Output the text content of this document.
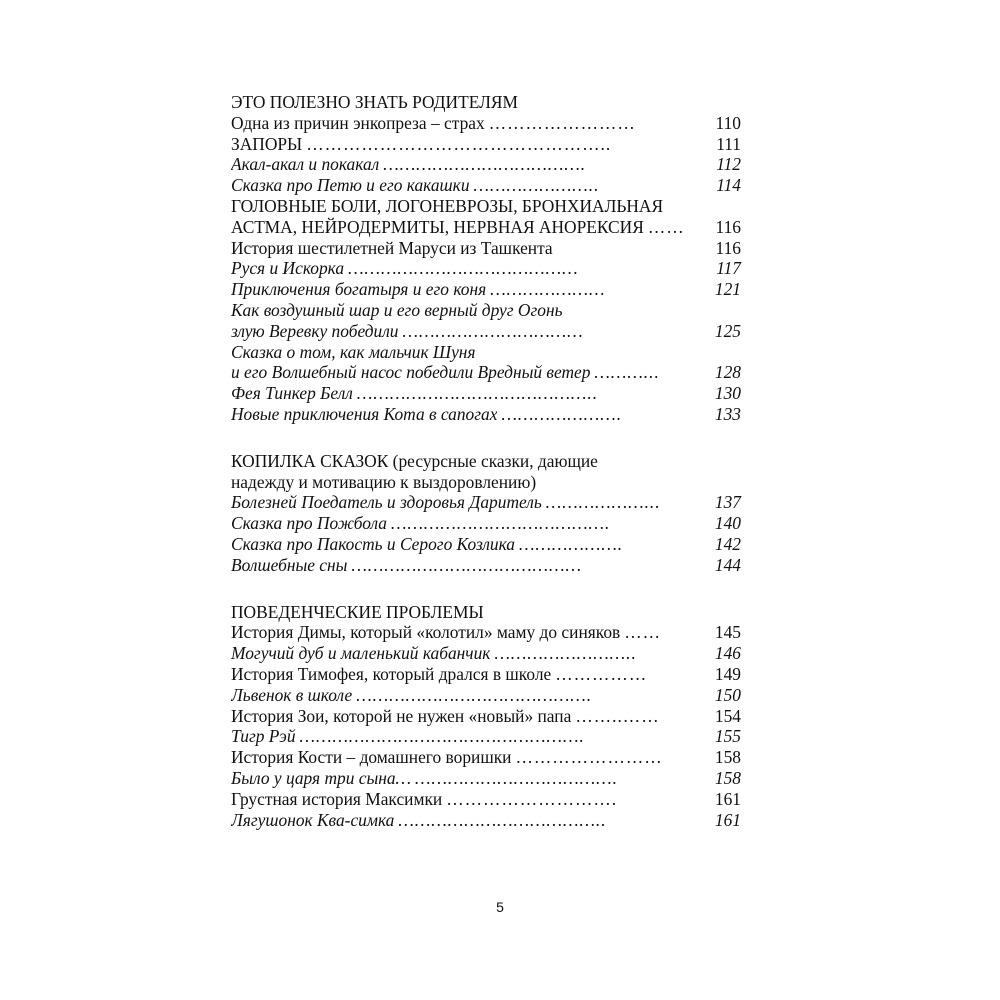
ЭТО ПОЛЕЗНО ЗНАТЬ РОДИТЕЛЯМ
Одна из причин энкопреза – страх ……………………	110
ЗАПОРЫ …………………………………………..	111
Акал-акал и покакал ……………………………….	112
Сказка про Петю и его какашки …………………..	114
ГОЛОВНЫЕ БОЛИ, ЛОГОНЕВРОЗЫ, БРОНХИАЛЬНАЯ
АСТМА, НЕЙРОДЕРМИТЫ, НЕРВНАЯ АНОРЕКСИЯ ……	116
История шестилетней Маруси из Ташкента	116
Руся и Искорка ……………………………………	117
Приключения богатыря и его коня …………………	121
Как воздушный шар и его верный друг Огонь
злую Веревку победили ……………………………	125
Сказка о том, как мальчик Шуня
и его Волшебный насос победили Вредный ветер ………...	128
Фея Тинкер Белл ……………………………………..	130
Новые приключения Кота в сапогах ………………….	133
КОПИЛКА СКАЗОК (ресурсные сказки, дающие
надежду и мотивацию к выздоровлению)
Болезней Поедатель и здоровья Даритель ………………...	137
Сказка про Пожбола ………………………………….	140
Сказка про Пакость и Серого Козлика ……………….	142
Волшебные сны ……………………………………	144
ПОВЕДЕНЧЕСКИЕ ПРОБЛЕМЫ
История Димы, который «колотил» маму до синяков ……	145
Могучий дуб и маленький кабанчик ……………………..	146
История Тимофея, который дрался в школе ……………	149
Львенок в школе …………………………………….	150
История Зои, которой не нужен «новый» папа ……..……	154
Тигр Рэй …………………………………………….	155
История Кости – домашнего воришки ……………………	158
Было у царя три сына… ……………………………….	158
Грустная история Максимки ……………………….	161
Лягушонок Ква-симка ………………………………..	161
5
